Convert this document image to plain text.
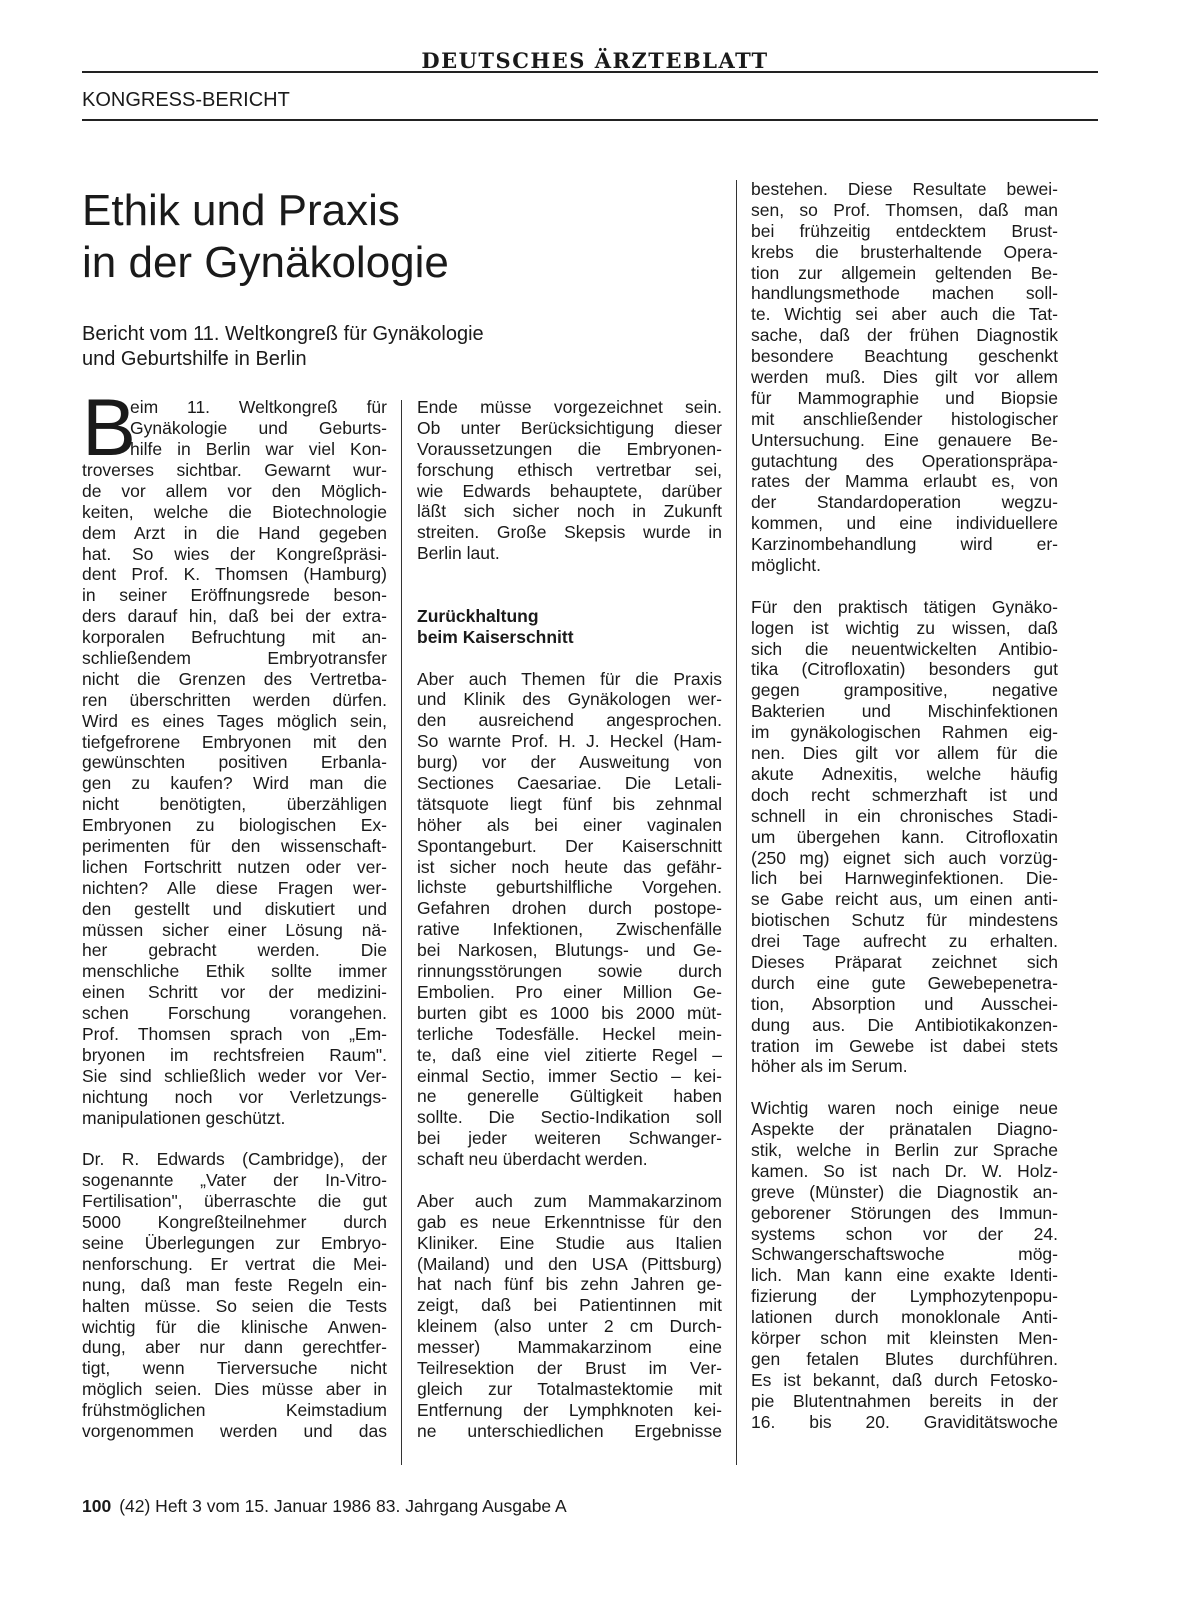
DEUTSCHES ÄRZTEBLATT
KONGRESS-BERICHT
Ethik und Praxis
in der Gynäkologie
Bericht vom 11. Weltkongreß für Gynäkologie
und Geburtshilfe in Berlin
B
eim 11. Weltkongreß für
Gynäkologie und Geburts-
hilfe in Berlin war viel Kon-
troverses sichtbar. Gewarnt wur-
de vor allem vor den Möglich-
keiten, welche die Biotechnologie
dem Arzt in die Hand gegeben
hat. So wies der Kongreßpräsi-
dent Prof. K. Thomsen (Hamburg)
in seiner Eröffnungsrede beson-
ders darauf hin, daß bei der extra-
korporalen Befruchtung mit an-
schließendem Embryotransfer
nicht die Grenzen des Vertretba-
ren überschritten werden dürfen.
Wird es eines Tages möglich sein,
tiefgefrorene Embryonen mit den
gewünschten positiven Erbanla-
gen zu kaufen? Wird man die
nicht benötigten, überzähligen
Embryonen zu biologischen Ex-
perimenten für den wissenschaft-
lichen Fortschritt nutzen oder ver-
nichten? Alle diese Fragen wer-
den gestellt und diskutiert und
müssen sicher einer Lösung nä-
her gebracht werden. Die
menschliche Ethik sollte immer
einen Schritt vor der medizini-
schen Forschung vorangehen.
Prof. Thomsen sprach von „Em-
bryonen im rechtsfreien Raum".
Sie sind schließlich weder vor Ver-
nichtung noch vor Verletzungs-
manipulationen geschützt.
Dr. R. Edwards (Cambridge), der
sogenannte „Vater der In-Vitro-
Fertilisation", überraschte die gut
5000 Kongreßteilnehmer durch
seine Überlegungen zur Embryo-
nenforschung. Er vertrat die Mei-
nung, daß man feste Regeln ein-
halten müsse. So seien die Tests
wichtig für die klinische Anwen-
dung, aber nur dann gerechtfer-
tigt, wenn Tierversuche nicht
möglich seien. Dies müsse aber in
frühstmöglichen Keimstadium
vorgenommen werden und das
Ende müsse vorgezeichnet sein.
Ob unter Berücksichtigung dieser
Voraussetzungen die Embryonen-
forschung ethisch vertretbar sei,
wie Edwards behauptete, darüber
läßt sich sicher noch in Zukunft
streiten. Große Skepsis wurde in
Berlin laut.
Zurückhaltung
beim Kaiserschnitt
Aber auch Themen für die Praxis
und Klinik des Gynäkologen wer-
den ausreichend angesprochen.
So warnte Prof. H. J. Heckel (Ham-
burg) vor der Ausweitung von
Sectiones Caesariae. Die Letali-
tätsquote liegt fünf bis zehnmal
höher als bei einer vaginalen
Spontangeburt. Der Kaiserschnitt
ist sicher noch heute das gefähr-
lichste geburtshilfliche Vorgehen.
Gefahren drohen durch postope-
rative Infektionen, Zwischenfälle
bei Narkosen, Blutungs- und Ge-
rinnungsstörungen sowie durch
Embolien. Pro einer Million Ge-
burten gibt es 1000 bis 2000 müt-
terliche Todesfälle. Heckel mein-
te, daß eine viel zitierte Regel –
einmal Sectio, immer Sectio – kei-
ne generelle Gültigkeit haben
sollte. Die Sectio-Indikation soll
bei jeder weiteren Schwanger-
schaft neu überdacht werden.
Aber auch zum Mammakarzinom
gab es neue Erkenntnisse für den
Kliniker. Eine Studie aus Italien
(Mailand) und den USA (Pittsburg)
hat nach fünf bis zehn Jahren ge-
zeigt, daß bei Patientinnen mit
kleinem (also unter 2 cm Durch-
messer) Mammakarzinom eine
Teilresektion der Brust im Ver-
gleich zur Totalmastektomie mit
Entfernung der Lymphknoten kei-
ne unterschiedlichen Ergebnisse
bestehen. Diese Resultate bewei-
sen, so Prof. Thomsen, daß man
bei frühzeitig entdecktem Brust-
krebs die brusterhaltende Opera-
tion zur allgemein geltenden Be-
handlungsmethode machen soll-
te. Wichtig sei aber auch die Tat-
sache, daß der frühen Diagnostik
besondere Beachtung geschenkt
werden muß. Dies gilt vor allem
für Mammographie und Biopsie
mit anschließender histologischer
Untersuchung. Eine genauere Be-
gutachtung des Operationspräpa-
rates der Mamma erlaubt es, von
der Standardoperation wegzu-
kommen, und eine individuellere
Karzinombehandlung wird er-
möglicht.
Für den praktisch tätigen Gynäko-
logen ist wichtig zu wissen, daß
sich die neuentwickelten Antibio-
tika (Citrofloxatin) besonders gut
gegen grampositive, negative
Bakterien und Mischinfektionen
im gynäkologischen Rahmen eig-
nen. Dies gilt vor allem für die
akute Adnexitis, welche häufig
doch recht schmerzhaft ist und
schnell in ein chronisches Stadi-
um übergehen kann. Citrofloxatin
(250 mg) eignet sich auch vorzüg-
lich bei Harnweginfektionen. Die-
se Gabe reicht aus, um einen anti-
biotischen Schutz für mindestens
drei Tage aufrecht zu erhalten.
Dieses Präparat zeichnet sich
durch eine gute Gewebepenetra-
tion, Absorption und Ausschei-
dung aus. Die Antibiotikakonzen-
tration im Gewebe ist dabei stets
höher als im Serum.
Wichtig waren noch einige neue
Aspekte der pränatalen Diagno-
stik, welche in Berlin zur Sprache
kamen. So ist nach Dr. W. Holz-
greve (Münster) die Diagnostik an-
geborener Störungen des Immun-
systems schon vor der 24.
Schwangerschaftswoche mög-
lich. Man kann eine exakte Identi-
fizierung der Lymphozytenpopu-
lationen durch monoklonale Anti-
körper schon mit kleinsten Men-
gen fetalen Blutes durchführen.
Es ist bekannt, daß durch Fetosko-
pie Blutentnahmen bereits in der
16. bis 20. Graviditätswoche
100 (42) Heft 3 vom 15. Januar 1986 83. Jahrgang Ausgabe A
